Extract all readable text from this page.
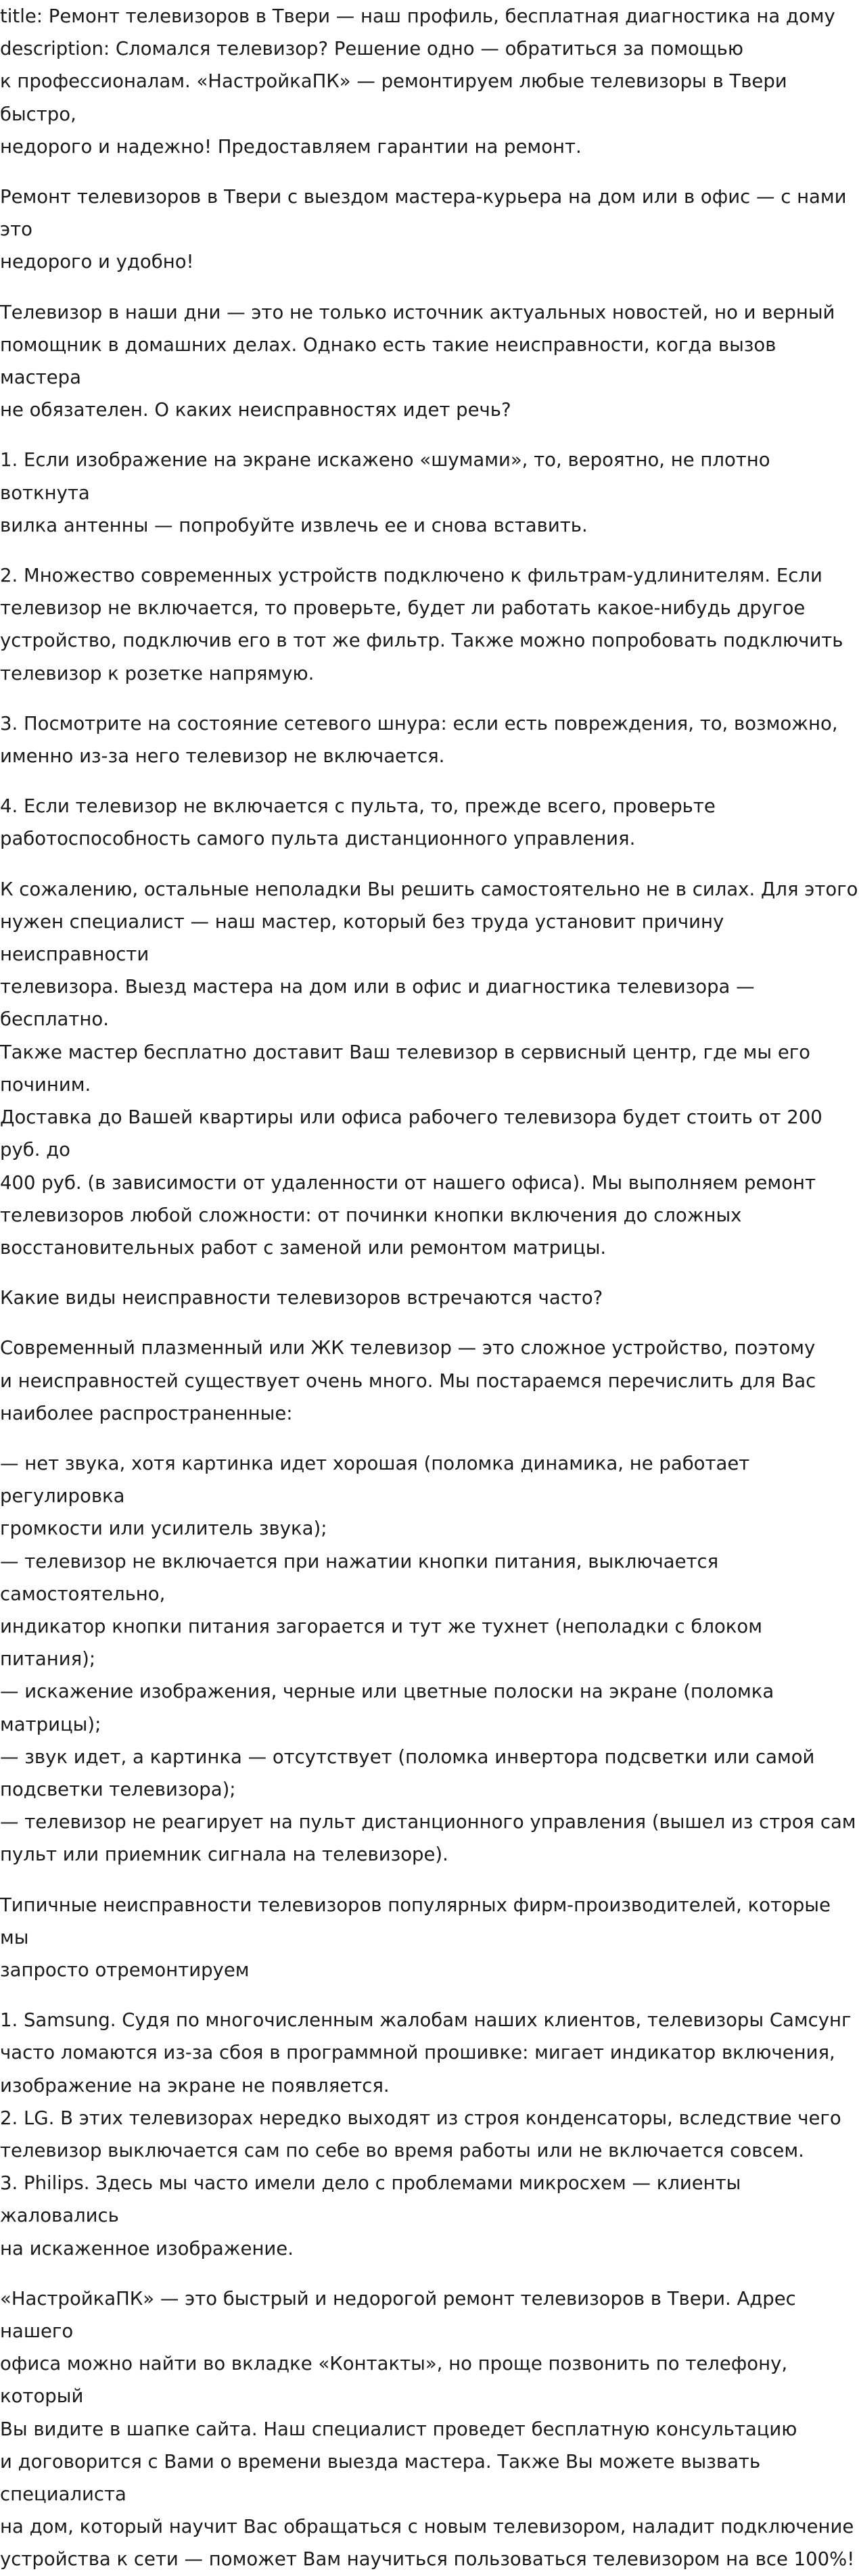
title: Ремонт телевизоров в Твери — наш профиль, бесплатная диагностика на дому
description: Сломался телевизор? Решение одно — обратиться за помощью
к профессионалам. «НастройкаПК» — ремонтируем любые телевизоры в Твери быстро,
недорого и надежно! Предоставляем гарантии на ремонт.

Ремонт телевизоров в Твери с выездом мастера-курьера на дом или в офис — с нами это
недорого и удобно!

Телевизор в наши дни — это не только источник актуальных новостей, но и верный
помощник в домашних делах. Однако есть такие неисправности, когда вызов мастера
не обязателен. О каких неисправностях идет речь?

1. Если изображение на экране искажено «шумами», то, вероятно, не плотно воткнута
вилка антенны — попробуйте извлечь ее и снова вставить.

2. Множество современных устройств подключено к фильтрам-удлинителям. Если
телевизор не включается, то проверьте, будет ли работать какое-нибудь другое
устройство, подключив его в тот же фильтр. Также можно попробовать подключить
телевизор к розетке напрямую.

3. Посмотрите на состояние сетевого шнура: если есть повреждения, то, возможно,
именно из-за него телевизор не включается.

4. Если телевизор не включается с пульта, то, прежде всего, проверьте
работоспособность самого пульта дистанционного управления.

К сожалению, остальные неполадки Вы решить самостоятельно не в силах. Для этого
нужен специалист — наш мастер, который без труда установит причину неисправности
телевизора. Выезд мастера на дом или в офис и диагностика телевизора — бесплатно.
Также мастер бесплатно доставит Ваш телевизор в сервисный центр, где мы его починим.
Доставка до Вашей квартиры или офиса рабочего телевизора будет стоить от 200 руб. до
400 руб. (в зависимости от удаленности от нашего офиса). Мы выполняем ремонт
телевизоров любой сложности: от починки кнопки включения до сложных
восстановительных работ с заменой или ремонтом матрицы.

Какие виды неисправности телевизоров встречаются часто?

Современный плазменный или ЖК телевизор — это сложное устройство, поэтому
и неисправностей существует очень много. Мы постараемся перечислить для Вас
наиболее распространенные:

— нет звука, хотя картинка идет хорошая (поломка динамика, не работает регулировка
громкости или усилитель звука);
— телевизор не включается при нажатии кнопки питания, выключается самостоятельно,
индикатор кнопки питания загорается и тут же тухнет (неполадки с блоком питания);
— искажение изображения, черные или цветные полоски на экране (поломка матрицы);
— звук идет, а картинка — отсутствует (поломка инвертора подсветки или самой
подсветки телевизора);
— телевизор не реагирует на пульт дистанционного управления (вышел из строя сам
пульт или приемник сигнала на телевизоре).

Типичные неисправности телевизоров популярных фирм-производителей, которые мы
запросто отремонтируем

1. Samsung. Судя по многочисленным жалобам наших клиентов, телевизоры Самсунг
часто ломаются из-за сбоя в программной прошивке: мигает индикатор включения,
изображение на экране не появляется.
2. LG. В этих телевизорах нередко выходят из строя конденсаторы, вследствие чего
телевизор выключается сам по себе во время работы или не включается совсем.
3. Philips. Здесь мы часто имели дело с проблемами микросхем — клиенты жаловались
на искаженное изображение.

«НастройкаПК» — это быстрый и недорогой ремонт телевизоров в Твери. Адрес нашего
офиса можно найти во вкладке «Контакты», но проще позвонить по телефону, который
Вы видите в шапке сайта. Наш специалист проведет бесплатную консультацию
и договорится с Вами о времени выезда мастера. Также Вы можете вызвать специалиста
на дом, который научит Вас обращаться с новым телевизором, наладит подключение
устройства к сети — поможет Вам научиться пользоваться телевизором на все 100%!
